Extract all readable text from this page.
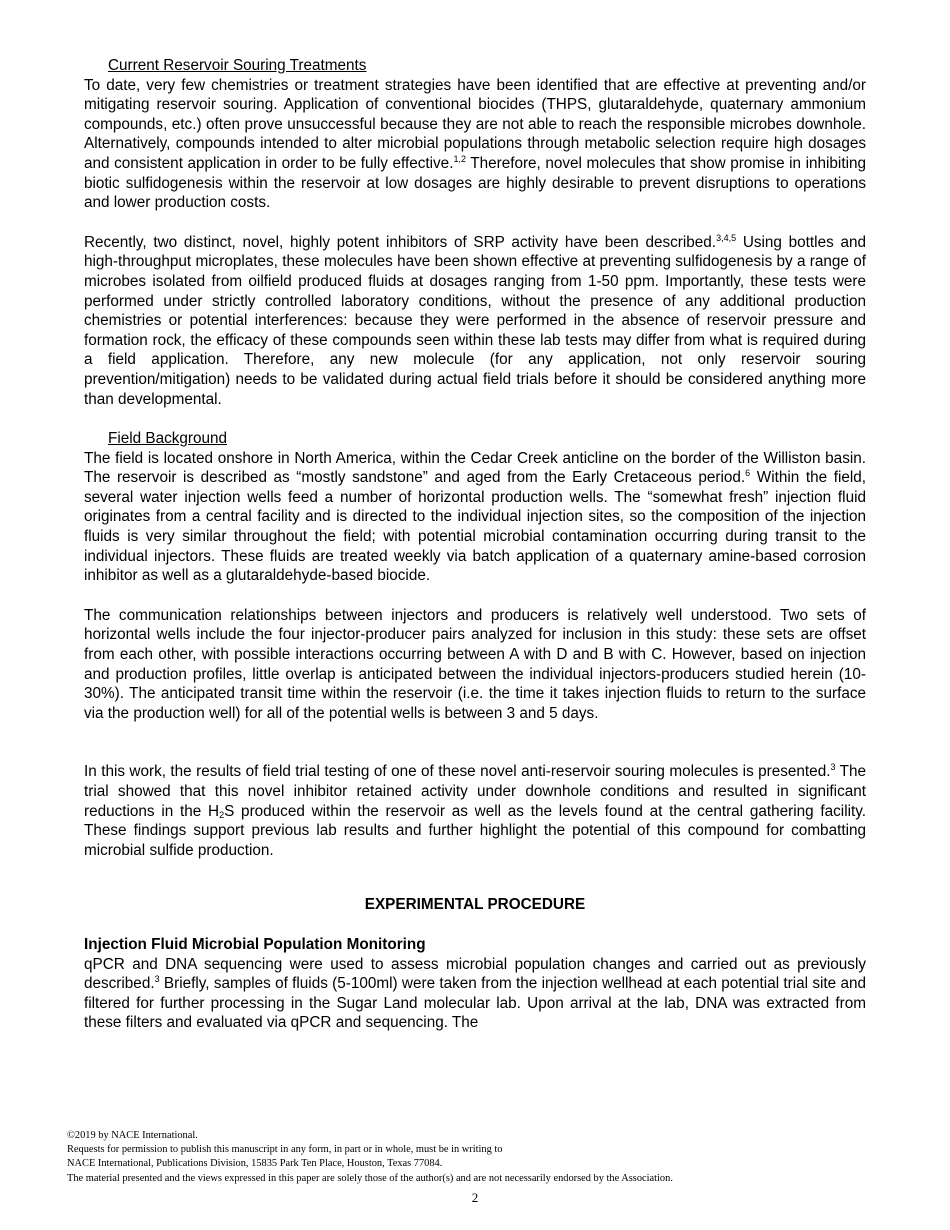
Current Reservoir Souring Treatments

To date, very few chemistries or treatment strategies have been identified that are effective at preventing and/or mitigating reservoir souring. Application of conventional biocides (THPS, glutaraldehyde, quaternary ammonium compounds, etc.) often prove unsuccessful because they are not able to reach the responsible microbes downhole. Alternatively, compounds intended to alter microbial populations through metabolic selection require high dosages and consistent application in order to be fully effective.$^{1,2}$ Therefore, novel molecules that show promise in inhibiting biotic sulfidogenesis within the reservoir at low dosages are highly desirable to prevent disruptions to operations and lower production costs.

Recently, two distinct, novel, highly potent inhibitors of SRP activity have been described.$^{3,4,5}$ Using bottles and high-throughput microplates, these molecules have been shown effective at preventing sulfidogenesis by a range of microbes isolated from oilfield produced fluids at dosages ranging from 1-50 ppm. Importantly, these tests were performed under strictly controlled laboratory conditions, without the presence of any additional production chemistries or potential interferences: because they were performed in the absence of reservoir pressure and formation rock, the efficacy of these compounds seen within these lab tests may differ from what is required during a field application. Therefore, any new molecule (for any application, not only reservoir souring prevention/mitigation) needs to be validated during actual field trials before it should be considered anything more than developmental.

Field Background

The field is located onshore in North America, within the Cedar Creek anticline on the border of the Williston basin. The reservoir is described as “mostly sandstone” and aged from the Early Cretaceous period.$^6$ Within the field, several water injection wells feed a number of horizontal production wells. The “somewhat fresh” injection fluid originates from a central facility and is directed to the individual injection sites, so the composition of the injection fluids is very similar throughout the field; with potential microbial contamination occurring during transit to the individual injectors. These fluids are treated weekly via batch application of a quaternary amine-based corrosion inhibitor as well as a glutaraldehyde-based biocide.

The communication relationships between injectors and producers is relatively well understood. Two sets of horizontal wells include the four injector-producer pairs analyzed for inclusion in this study: these sets are offset from each other, with possible interactions occurring between A with D and B with C. However, based on injection and production profiles, little overlap is anticipated between the individual injectors-producers studied herein (10-30%). The anticipated transit time within the reservoir (i.e. the time it takes injection fluids to return to the surface via the production well) for all of the potential wells is between 3 and 5 days.

In this work, the results of field trial testing of one of these novel anti-reservoir souring molecules is presented.$^3$ The trial showed that this novel inhibitor retained activity under downhole conditions and resulted in significant reductions in the $H_2S$ produced within the reservoir as well as the levels found at the central gathering facility. These findings support previous lab results and further highlight the potential of this compound for combatting microbial sulfide production.

EXPERIMENTAL PROCEDURE

Injection Fluid Microbial Population Monitoring

qPCR and DNA sequencing were used to assess microbial population changes and carried out as previously described.$^3$ Briefly, samples of fluids (5-100ml) were taken from the injection wellhead at each potential trial site and filtered for further processing in the Sugar Land molecular lab. Upon arrival at the lab, DNA was extracted from these filters and evaluated via qPCR and sequencing. The

©2019 by NACE International.

Requests for permission to publish this manuscript in any form, in part or in whole, must be in writing to

NACE International, Publications Division, 15835 Park Ten Place, Houston, Texas 77084.

The material presented and the views expressed in this paper are solely those of the author(s) and are not necessarily endorsed by the Association.

2
